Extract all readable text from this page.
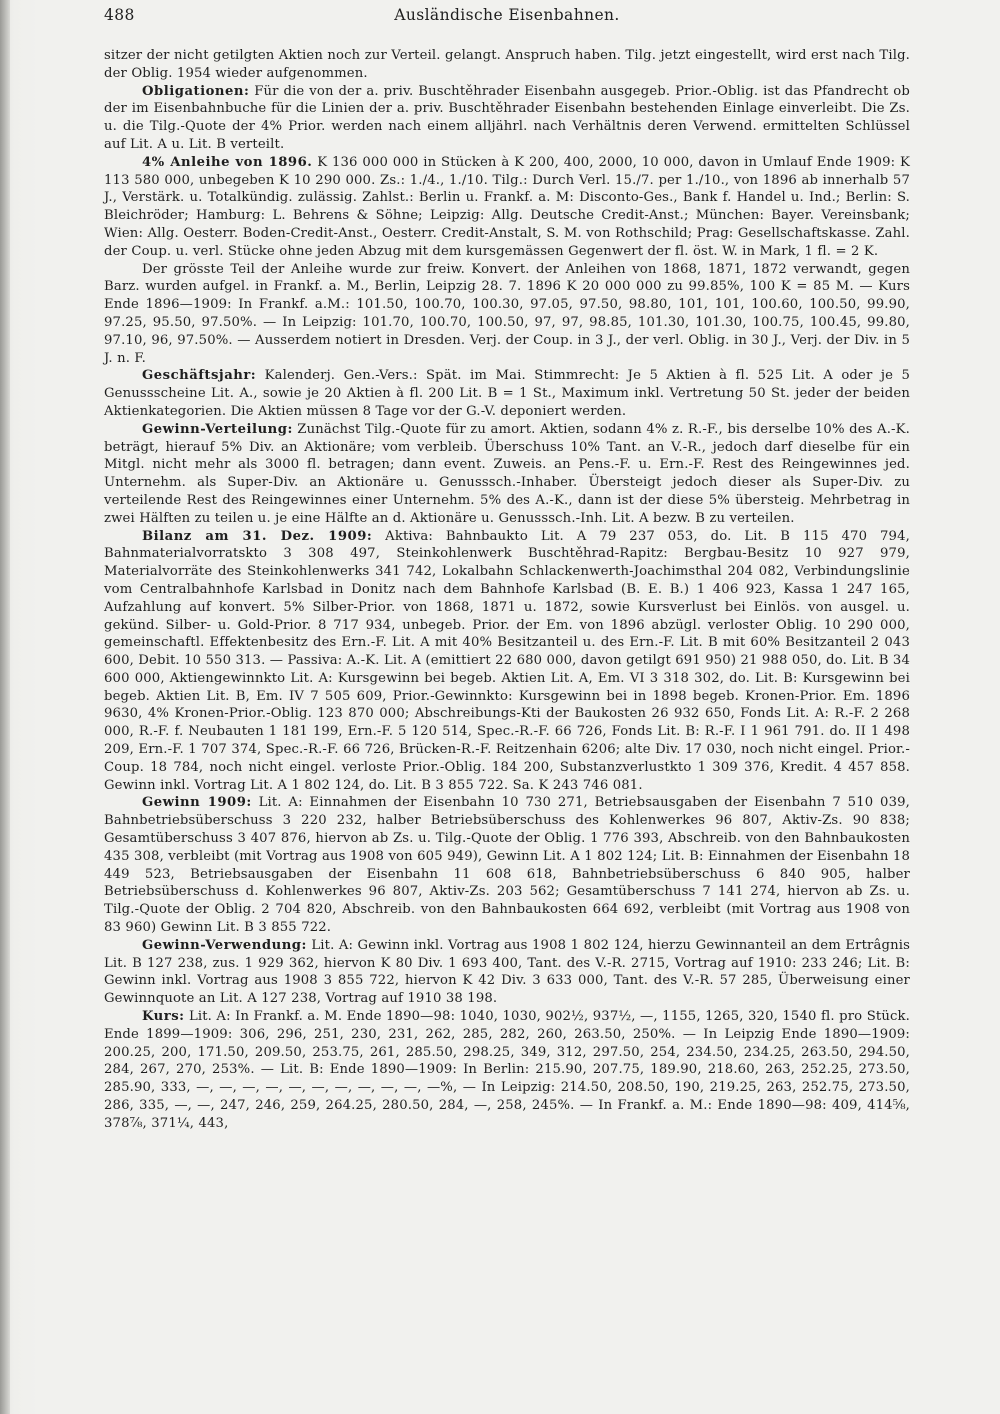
488	Ausländische Eisenbahnen.

sitzer der nicht getilgten Aktien noch zur Verteil. gelangt. Anspruch haben. Tilg. jetzt eingestellt, wird erst nach Tilg. der Oblig. 1954 wieder aufgenommen.

Obligationen: Für die von der a. priv. Buschtěhrader Eisenbahn ausgegeb. Prior.-Oblig. ist das Pfandrecht ob der im Eisenbahnbuche für die Linien der a. priv. Buschtěhrader Eisenbahn bestehenden Einlage einverleibt. Die Zs. u. die Tilg.-Quote der 4% Prior. werden nach einem alljährl. nach Verhältnis deren Verwend. ermittelten Schlüssel auf Lit. A u. Lit. B verteilt.

4% Anleihe von 1896. K 136 000 000 in Stücken à K 200, 400, 2000, 10 000, davon in Umlauf Ende 1909: K 113 580 000, unbegeben K 10 290 000. Zs.: 1./4., 1./10. Tilg.: Durch Verl. 15./7. per 1./10., von 1896 ab innerhalb 57 J., Verstärk. u. Totalkündig. zulässig. Zahlst.: Berlin u. Frankf. a. M: Disconto-Ges., Bank f. Handel u. Ind.; Berlin: S. Bleichröder; Hamburg: L. Behrens & Söhne; Leipzig: Allg. Deutsche Credit-Anst.; München: Bayer. Vereinsbank; Wien: Allg. Oesterr. Boden-Credit-Anst., Oesterr. Credit-Anstalt, S. M. von Rothschild; Prag: Gesellschaftskasse. Zahl. der Coup. u. verl. Stücke ohne jeden Abzug mit dem kursgemässen Gegenwert der fl. öst. W. in Mark, 1 fl. = 2 K.

Der grösste Teil der Anleihe wurde zur freiw. Konvert. der Anleihen von 1868, 1871, 1872 verwandt, gegen Barz. wurden aufgel. in Frankf. a. M., Berlin, Leipzig 28. 7. 1896 K 20 000 000 zu 99.85%, 100 K = 85 M. — Kurs Ende 1896—1909: In Frankf. a.M.: 101.50, 100.70, 100.30, 97.05, 97.50, 98.80, 101, 101, 100.60, 100.50, 99.90, 97.25, 95.50, 97.50%. — In Leipzig: 101.70, 100.70, 100.50, 97, 97, 98.85, 101.30, 101.30, 100.75, 100.45, 99.80, 97.10, 96, 97.50%. — Ausserdem notiert in Dresden. Verj. der Coup. in 3 J., der verl. Oblig. in 30 J., Verj. der Div. in 5 J. n. F.

Geschäftsjahr: Kalenderj. Gen.-Vers.: Spät. im Mai. Stimmrecht: Je 5 Aktien à fl. 525 Lit. A oder je 5 Genussscheine Lit. A., sowie je 20 Aktien à fl. 200 Lit. B = 1 St., Maximum inkl. Vertretung 50 St. jeder der beiden Aktienkategorien. Die Aktien müssen 8 Tage vor der G.-V. deponiert werden.

Gewinn-Verteilung: Zunächst Tilg.-Quote für zu amort. Aktien, sodann 4% z. R.-F., bis derselbe 10% des A.-K. beträgt, hierauf 5% Div. an Aktionäre; vom verbleib. Überschuss 10% Tant. an V.-R., jedoch darf dieselbe für ein Mitgl. nicht mehr als 3000 fl. betragen; dann event. Zuweis. an Pens.-F. u. Ern.-F. Rest des Reingewinnes jed. Unternehm. als Super-Div. an Aktionäre u. Genusssch.-Inhaber. Übersteigt jedoch dieser als Super-Div. zu verteilende Rest des Reingewinnes einer Unternehm. 5% des A.-K., dann ist der diese 5% übersteig. Mehrbetrag in zwei Hälften zu teilen u. je eine Hälfte an d. Aktionäre u. Genusssch.-Inh. Lit. A bezw. B zu verteilen.

Bilanz am 31. Dez. 1909: Aktiva: Bahnbaukto Lit. A 79 237 053, do. Lit. B 115 470 794, Bahnmaterialvorratskto 3 308 497, Steinkohlenwerk Buschtěhrad-Rapitz: Bergbau-Besitz 10 927 979, Materialvorräte des Steinkohlenwerks 341 742, Lokalbahn Schlackenwerth-Joachimsthal 204 082, Verbindungslinie vom Centralbahnhofe Karlsbad in Donitz nach dem Bahnhofe Karlsbad (B. E. B.) 1 406 923, Kassa 1 247 165, Aufzahlung auf konvert. 5% Silber-Prior. von 1868, 1871 u. 1872, sowie Kursverlust bei Einlös. von ausgel. u. gekünd. Silber- u. Gold-Prior. 8 717 934, unbegeb. Prior. der Em. von 1896 abzügl. verloster Oblig. 10 290 000, gemeinschaftl. Effektenbesitz des Ern.-F. Lit. A mit 40% Besitzanteil u. des Ern.-F. Lit. B mit 60% Besitzanteil 2 043 600, Debit. 10 550 313. — Passiva: A.-K. Lit. A (emittiert 22 680 000, davon getilgt 691 950) 21 988 050, do. Lit. B 34 600 000, Aktiengewinnkto Lit. A: Kursgewinn bei begeb. Aktien Lit. A, Em. VI 3 318 302, do. Lit. B: Kursgewinn bei begeb. Aktien Lit. B, Em. IV 7 505 609, Prior.-Gewinnkto: Kursgewinn bei in 1898 begeb. Kronen-Prior. Em. 1896 9630, 4% Kronen-Prior.-Oblig. 123 870 000; Abschreibungs-Kti der Baukosten 26 932 650, Fonds Lit. A: R.-F. 2 268 000, R.-F. f. Neubauten 1 181 199, Ern.-F. 5 120 514, Spec.-R.-F. 66 726, Fonds Lit. B: R.-F. I 1 961 791. do. II 1 498 209, Ern.-F. 1 707 374, Spec.-R.-F. 66 726, Brücken-R.-F. Reitzenhain 6206; alte Div. 17 030, noch nicht eingel. Prior.-Coup. 18 784, noch nicht eingel. verloste Prior.-Oblig. 184 200, Substanzverlustkto 1 309 376, Kredit. 4 457 858. Gewinn inkl. Vortrag Lit. A 1 802 124, do. Lit. B 3 855 722. Sa. K 243 746 081.

Gewinn 1909: Lit. A: Einnahmen der Eisenbahn 10 730 271, Betriebsausgaben der Eisenbahn 7 510 039, Bahnbetriebsüberschuss 3 220 232, halber Betriebsüberschuss des Kohlenwerkes 96 807, Aktiv-Zs. 90 838; Gesamtüberschuss 3 407 876, hiervon ab Zs. u. Tilg.-Quote der Oblig. 1 776 393, Abschreib. von den Bahnbaukosten 435 308, verbleibt (mit Vortrag aus 1908 von 605 949), Gewinn Lit. A 1 802 124; Lit. B: Einnahmen der Eisenbahn 18 449 523, Betriebsausgaben der Eisenbahn 11 608 618, Bahnbetriebsüberschuss 6 840 905, halber Betriebsüberschuss d. Kohlenwerkes 96 807, Aktiv-Zs. 203 562; Gesamtüberschuss 7 141 274, hiervon ab Zs. u. Tilg.-Quote der Oblig. 2 704 820, Abschreib. von den Bahnbaukosten 664 692, verbleibt (mit Vortrag aus 1908 von 83 960) Gewinn Lit. B 3 855 722.

Gewinn-Verwendung: Lit. A: Gewinn inkl. Vortrag aus 1908 1 802 124, hierzu Gewinnanteil an dem Ertrâgnis Lit. B 127 238, zus. 1 929 362, hiervon K 80 Div. 1 693 400, Tant. des V.-R. 2715, Vortrag auf 1910: 233 246; Lit. B: Gewinn inkl. Vortrag aus 1908 3 855 722, hiervon K 42 Div. 3 633 000, Tant. des V.-R. 57 285, Überweisung einer Gewinnquote an Lit. A 127 238, Vortrag auf 1910 38 198.

Kurs: Lit. A: In Frankf. a. M. Ende 1890—98: 1040, 1030, 902½, 937½, —, 1155, 1265, 320, 1540 fl. pro Stück. Ende 1899—1909: 306, 296, 251, 230, 231, 262, 285, 282, 260, 263.50, 250%. — In Leipzig Ende 1890—1909: 200.25, 200, 171.50, 209.50, 253.75, 261, 285.50, 298.25, 349, 312, 297.50, 254, 234.50, 234.25, 263.50, 294.50, 284, 267, 270, 253%. — Lit. B: Ende 1890—1909: In Berlin: 215.90, 207.75, 189.90, 218.60, 263, 252.25, 273.50, 285.90, 333, —, —, —, —, —, —, —, —, —, —, —%, — In Leipzig: 214.50, 208.50, 190, 219.25, 263, 252.75, 273.50, 286, 335, —, —, 247, 246, 259, 264.25, 280.50, 284, —, 258, 245%. — In Frankf. a. M.: Ende 1890—98: 409, 414⅝, 378⅞, 371¼, 443,
